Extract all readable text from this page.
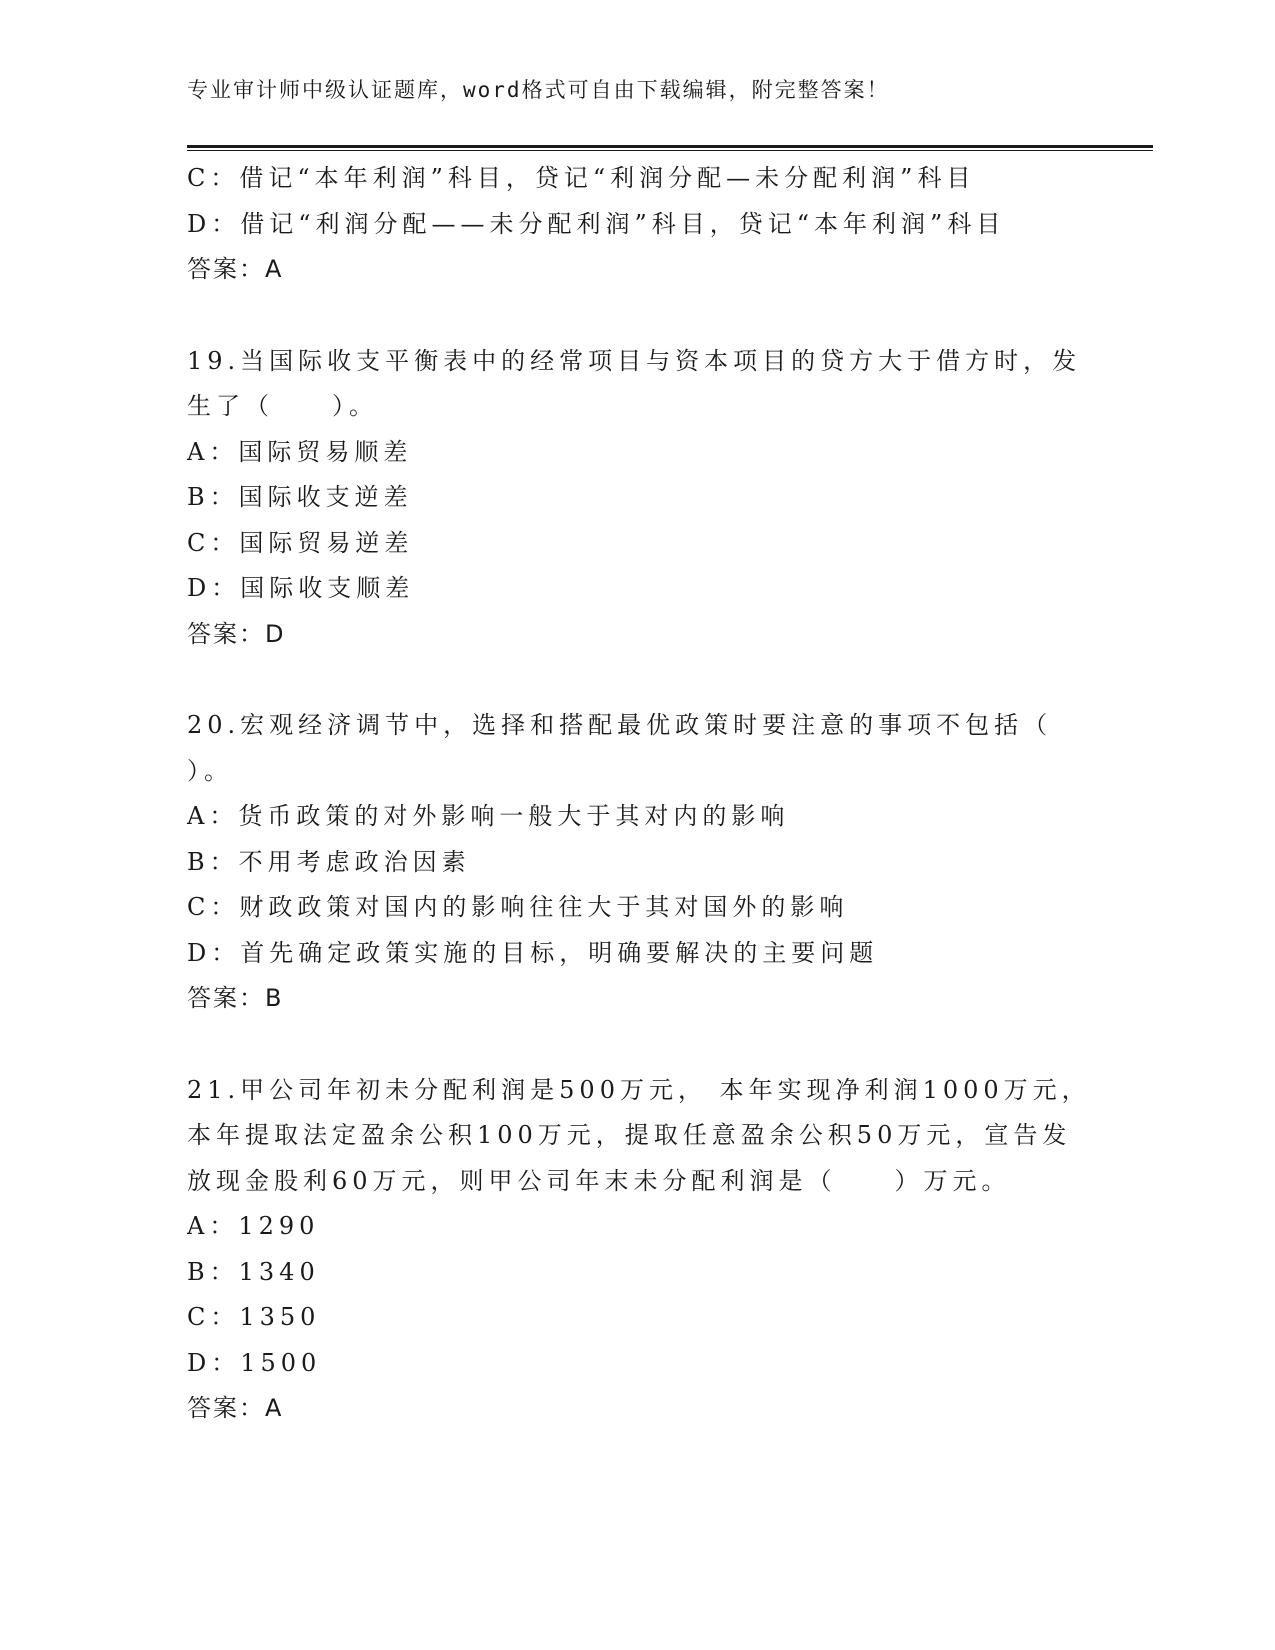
专业审计师中级认证题库，word格式可自由下载编辑，附完整答案！
C：借记“本年利润”科目，贷记“利润分配—未分配利润”科目
D：借记“利润分配——未分配利润”科目，贷记“本年利润”科目
答案：A
19.当国际收支平衡表中的经常项目与资本项目的贷方大于借方时，发
生了（　　）。
A：国际贸易顺差
B：国际收支逆差
C：国际贸易逆差
D：国际收支顺差
答案：D
20.宏观经济调节中，选择和搭配最优政策时要注意的事项不包括（
）。
A：货币政策的对外影响一般大于其对内的影响
B：不用考虑政治因素
C：财政政策对国内的影响往往大于其对国外的影响
D：首先确定政策实施的目标，明确要解决的主要问题
答案：B
21.甲公司年初未分配利润是500万元， 本年实现净利润1000万元，
本年提取法定盈余公积100万元，提取任意盈余公积50万元，宣告发
放现金股利60万元，则甲公司年末未分配利润是（　　）万元。
A：1290
B：1340
C：1350
D：1500
答案：A
